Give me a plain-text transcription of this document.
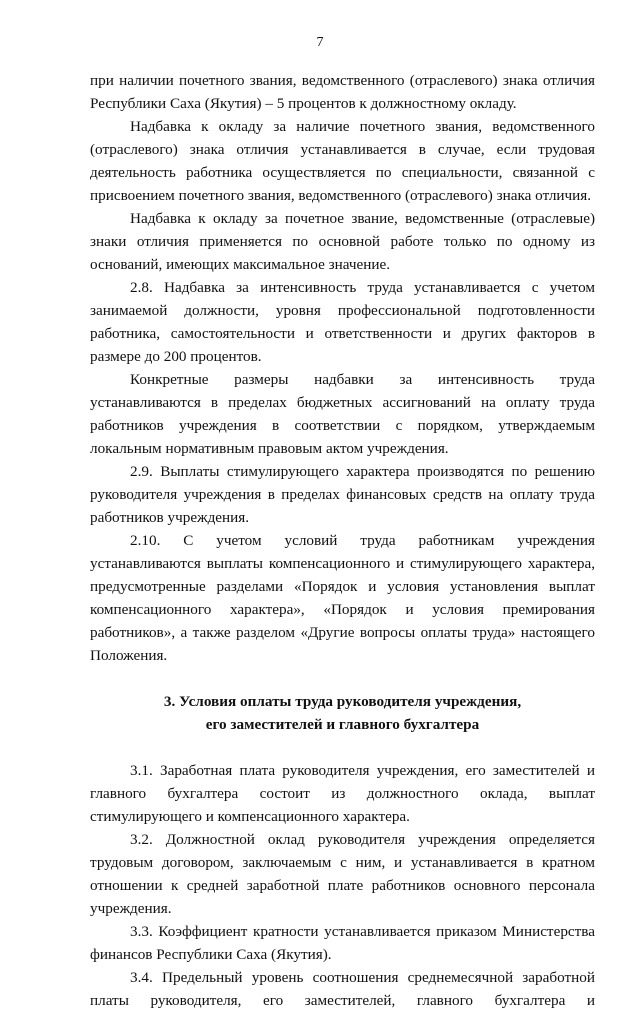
7

при наличии почетного звания, ведомственного (отраслевого) знака отличия Республики Саха (Якутия) – 5 процентов к должностному окладу.

Надбавка к окладу за наличие почетного звания, ведомственного (отраслевого) знака отличия устанавливается в случае, если трудовая деятельность работника осуществляется по специальности, связанной с присвоением почетного звания, ведомственного (отраслевого) знака отличия.

Надбавка к окладу за почетное звание, ведомственные (отраслевые) знаки отличия применяется по основной работе только по одному из оснований, имеющих максимальное значение.

2.8. Надбавка за интенсивность труда устанавливается с учетом занимаемой должности, уровня профессиональной подготовленности работника, самостоятельности и ответственности и других факторов в размере до 200 процентов.

Конкретные размеры надбавки за интенсивность труда устанавливаются в пределах бюджетных ассигнований на оплату труда работников учреждения в соответствии с порядком, утверждаемым локальным нормативным правовым актом учреждения.

2.9. Выплаты стимулирующего характера производятся по решению руководителя учреждения в пределах финансовых средств на оплату труда работников учреждения.

2.10. С учетом условий труда работникам учреждения устанавливаются выплаты компенсационного и стимулирующего характера, предусмотренные разделами «Порядок и условия установления выплат компенсационного характера», «Порядок и условия премирования работников», а также разделом «Другие вопросы оплаты труда» настоящего Положения.

3. Условия оплаты труда руководителя учреждения,
его заместителей и главного бухгалтера

3.1. Заработная плата руководителя учреждения, его заместителей и главного бухгалтера состоит из должностного оклада, выплат стимулирующего и компенсационного характера.

3.2. Должностной оклад руководителя учреждения определяется трудовым договором, заключаемым с ним, и устанавливается в кратном отношении к средней заработной плате работников основного персонала учреждения.

3.3. Коэффициент кратности устанавливается приказом Министерства финансов Республики Саха (Якутия).

3.4. Предельный уровень соотношения среднемесячной заработной платы руководителя, его заместителей, главного бухгалтера и
